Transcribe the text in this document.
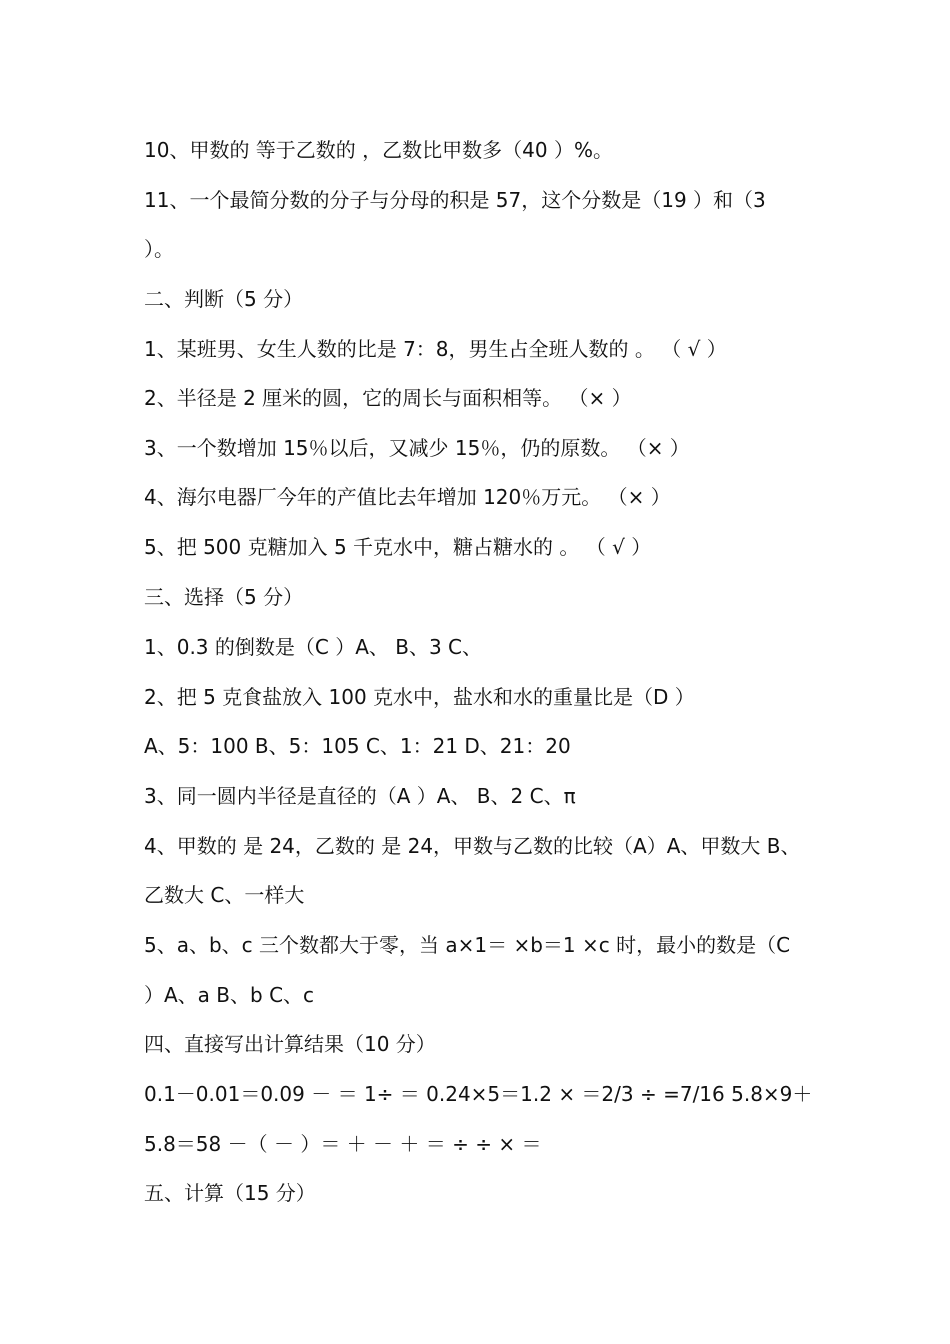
10、甲数的 等于乙数的 ，乙数比甲数多（40 ）%。
11、一个最简分数的分子与分母的积是 57，这个分数是（19 ）和（3
）。
二、判断（5 分）
1、某班男、女生人数的比是 7：8，男生占全班人数的 。 （ √ ）
2、半径是 2 厘米的圆，它的周长与面积相等。 （× ）
3、一个数增加 15％以后，又减少 15％，仍的原数。 （× ）
4、海尔电器厂今年的产值比去年增加 120％万元。 （× ）
5、把 500 克糖加入 5 千克水中，糖占糖水的 。 （ √ ）
三、选择（5 分）
1、0.3 的倒数是（C ）A、 B、3 C、
2、把 5 克食盐放入 100 克水中，盐水和水的重量比是（D ）
A、5：100 B、5：105 C、1：21 D、21：20
3、同一圆内半径是直径的（A ）A、 B、2 C、π
4、甲数的 是 24，乙数的 是 24，甲数与乙数的比较（A）A、甲数大 B、
乙数大 C、一样大
5、a、b、c 三个数都大于零，当 a×1＝ ×b＝1 ×c 时，最小的数是（C
）A、a B、b C、c
四、直接写出计算结果（10 分）
0.1－0.01＝0.09 － ＝ 1÷ ＝ 0.24×5＝1.2 × ＝2/3 ÷ =7/16 5.8×9＋
5.8＝58 －（ － ）＝ ＋ － ＋ ＝ ÷ ÷ × ＝
五、计算（15 分）
